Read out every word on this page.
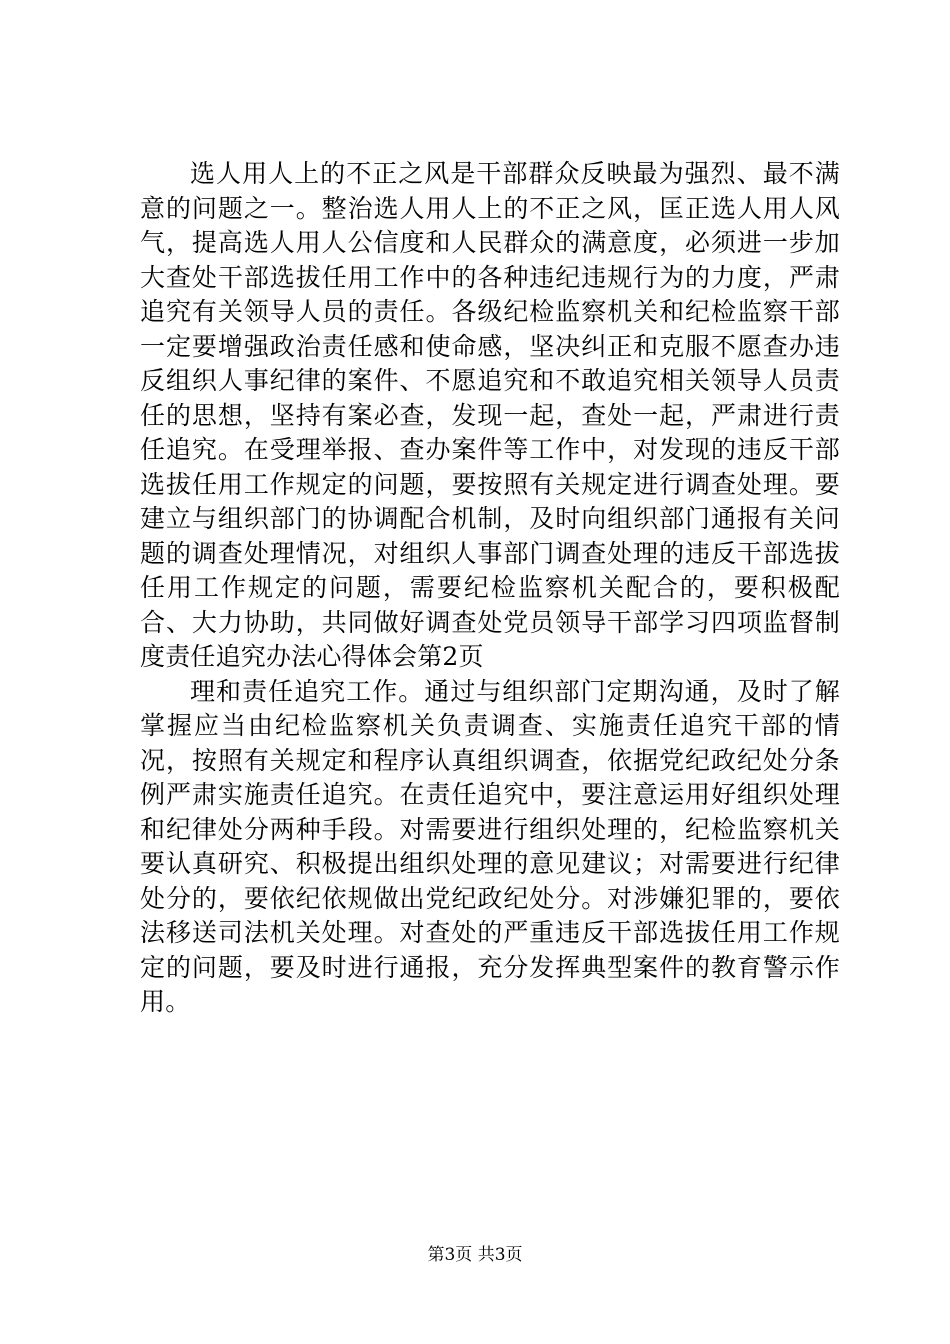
选人用人上的不正之风是干部群众反映最为强烈、最不满意的问题之一。整治选人用人上的不正之风，匡正选人用人风气，提高选人用人公信度和人民群众的满意度，必须进一步加大查处干部选拔任用工作中的各种违纪违规行为的力度，严肃追究有关领导人员的责任。各级纪检监察机关和纪检监察干部一定要增强政治责任感和使命感，坚决纠正和克服不愿查办违反组织人事纪律的案件、不愿追究和不敢追究相关领导人员责任的思想，坚持有案必查，发现一起，查处一起，严肃进行责任追究。在受理举报、查办案件等工作中，对发现的违反干部选拔任用工作规定的问题，要按照有关规定进行调查处理。要建立与组织部门的协调配合机制，及时向组织部门通报有关问题的调查处理情况，对组织人事部门调查处理的违反干部选拔任用工作规定的问题，需要纪检监察机关配合的，要积极配合、大力协助，共同做好调查处党员领导干部学习四项监督制度责任追究办法心得体会第2页

理和责任追究工作。通过与组织部门定期沟通，及时了解掌握应当由纪检监察机关负责调查、实施责任追究干部的情况，按照有关规定和程序认真组织调查，依据党纪政纪处分条例严肃实施责任追究。在责任追究中，要注意运用好组织处理和纪律处分两种手段。对需要进行组织处理的，纪检监察机关要认真研究、积极提出组织处理的意见建议；对需要进行纪律处分的，要依纪依规做出党纪政纪处分。对涉嫌犯罪的，要依法移送司法机关处理。对查处的严重违反干部选拔任用工作规定的问题，要及时进行通报，充分发挥典型案件的教育警示作用。

第3页 共3页
